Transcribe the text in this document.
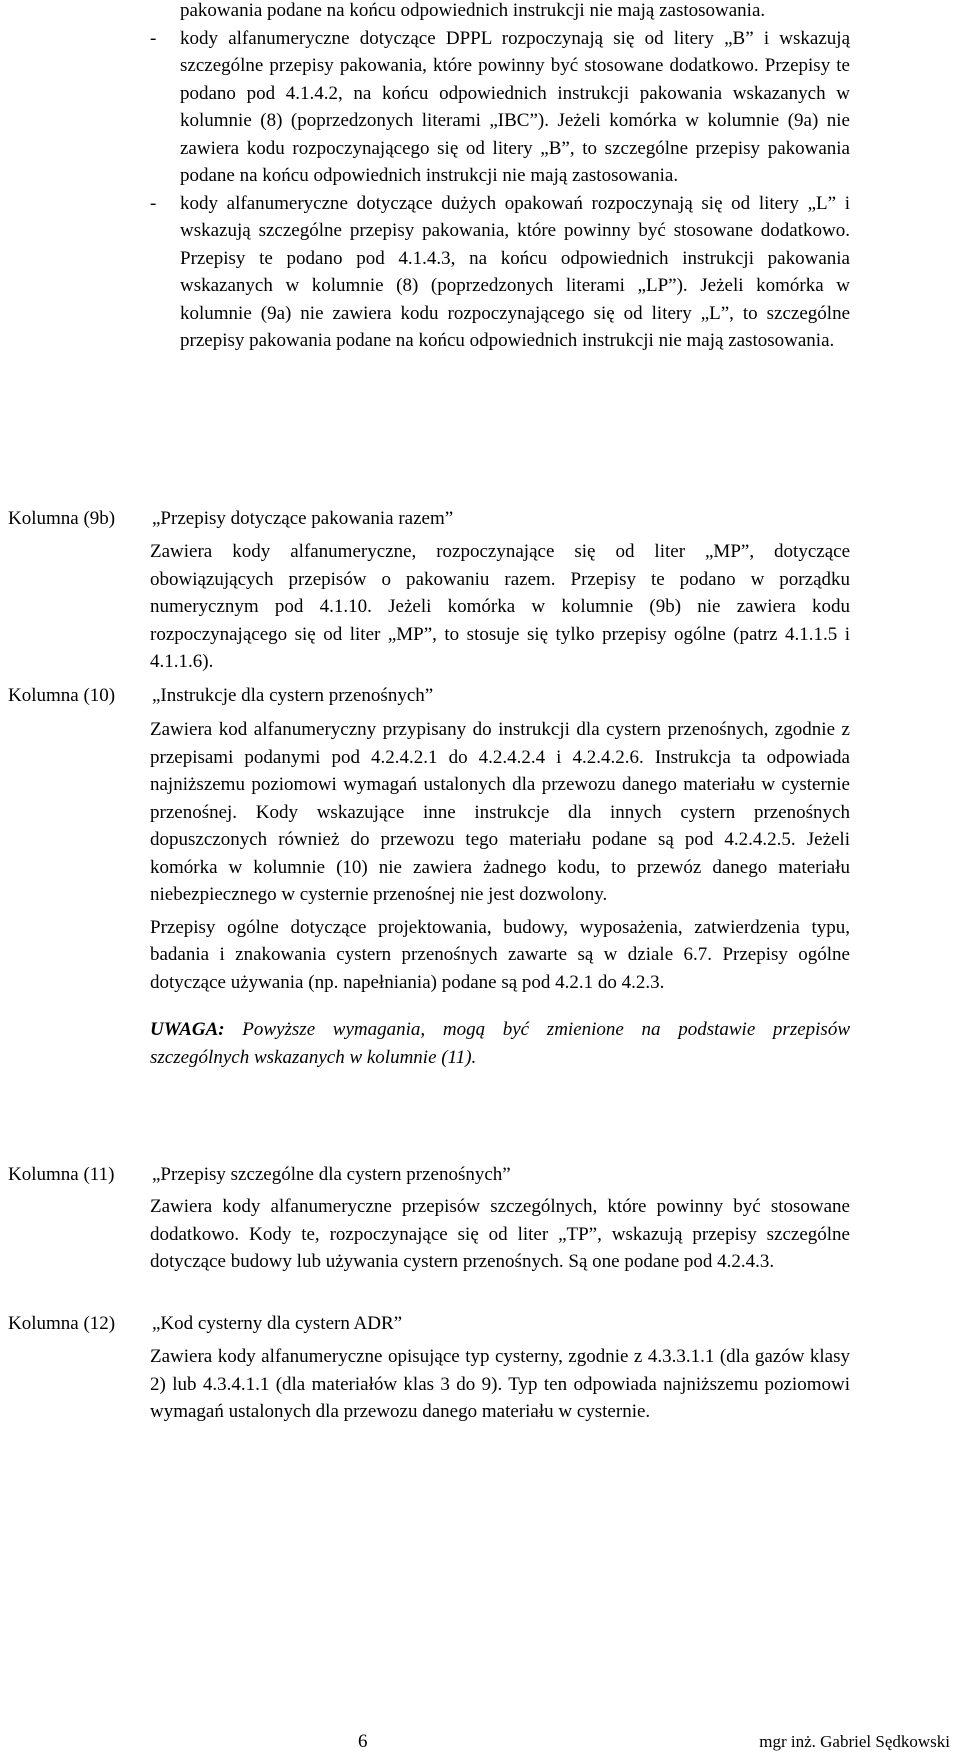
pakowania podane na końcu odpowiednich instrukcji nie mają zastosowania.

- kody alfanumeryczne dotyczące DPPL rozpoczynają się od litery „B” i wskazują szczególne przepisy pakowania, które powinny być stosowane dodatkowo. Przepisy te podano pod 4.1.4.2, na końcu odpowiednich instrukcji pakowania wskazanych w kolumnie (8) (poprzedzonych literami „IBC”). Jeżeli komórka w kolumnie (9a) nie zawiera kodu rozpoczynającego się od litery „B”, to szczególne przepisy pakowania podane na końcu odpowiednich instrukcji nie mają zastosowania.

- kody alfanumeryczne dotyczące dużych opakowań rozpoczynają się od litery „L” i wskazują szczególne przepisy pakowania, które powinny być stosowane dodatkowo. Przepisy te podano pod 4.1.4.3, na końcu odpowiednich instrukcji pakowania wskazanych w kolumnie (8) (poprzedzonych literami „LP”). Jeżeli komórka w kolumnie (9a) nie zawiera kodu rozpoczynającego się od litery „L”, to szczególne przepisy pakowania podane na końcu odpowiednich instrukcji nie mają zastosowania.

Kolumna (9b) „Przepisy dotyczące pakowania razem”

Zawiera kody alfanumeryczne, rozpoczynające się od liter „MP”, dotyczące obowiązujących przepisów o pakowaniu razem. Przepisy te podano w porządku numerycznym pod 4.1.10. Jeżeli komórka w kolumnie (9b) nie zawiera kodu rozpoczynającego się od liter „MP”, to stosuje się tylko przepisy ogólne (patrz 4.1.1.5 i 4.1.1.6).

Kolumna (10) „Instrukcje dla cystern przenośnych”

Zawiera kod alfanumeryczny przypisany do instrukcji dla cystern przenośnych, zgodnie z przepisami podanymi pod 4.2.4.2.1 do 4.2.4.2.4 i 4.2.4.2.6. Instrukcja ta odpowiada najniższemu poziomowi wymagań ustalonych dla przewozu danego materiału w cysternie przenośnej. Kody wskazujące inne instrukcje dla innych cystern przenośnych dopuszczonych również do przewozu tego materiału podane są pod 4.2.4.2.5. Jeżeli komórka w kolumnie (10) nie zawiera żadnego kodu, to przewóz danego materiału niebezpiecznego w cysternie przenośnej nie jest dozwolony.

Przepisy ogólne dotyczące projektowania, budowy, wyposażenia, zatwierdzenia typu, badania i znakowania cystern przenośnych zawarte są w dziale 6.7. Przepisy ogólne dotyczące używania (np. napełniania) podane są pod 4.2.1 do 4.2.3.

UWAGA: Powyższe wymagania, mogą być zmienione na podstawie przepisów szczególnych wskazanych w kolumnie (11).

Kolumna (11) „Przepisy szczególne dla cystern przenośnych”

Zawiera kody alfanumeryczne przepisów szczególnych, które powinny być stosowane dodatkowo. Kody te, rozpoczynające się od liter „TP”, wskazują przepisy szczególne dotyczące budowy lub używania cystern przenośnych. Są one podane pod 4.2.4.3.

Kolumna (12) „Kod cysterny dla cystern ADR”

Zawiera kody alfanumeryczne opisujące typ cysterny, zgodnie z 4.3.3.1.1 (dla gazów klasy 2) lub 4.3.4.1.1 (dla materiałów klas 3 do 9). Typ ten odpowiada najniższemu poziomowi wymagań ustalonych dla przewozu danego materiału w cysternie.

6	mgr inż. Gabriel Sędkowski
